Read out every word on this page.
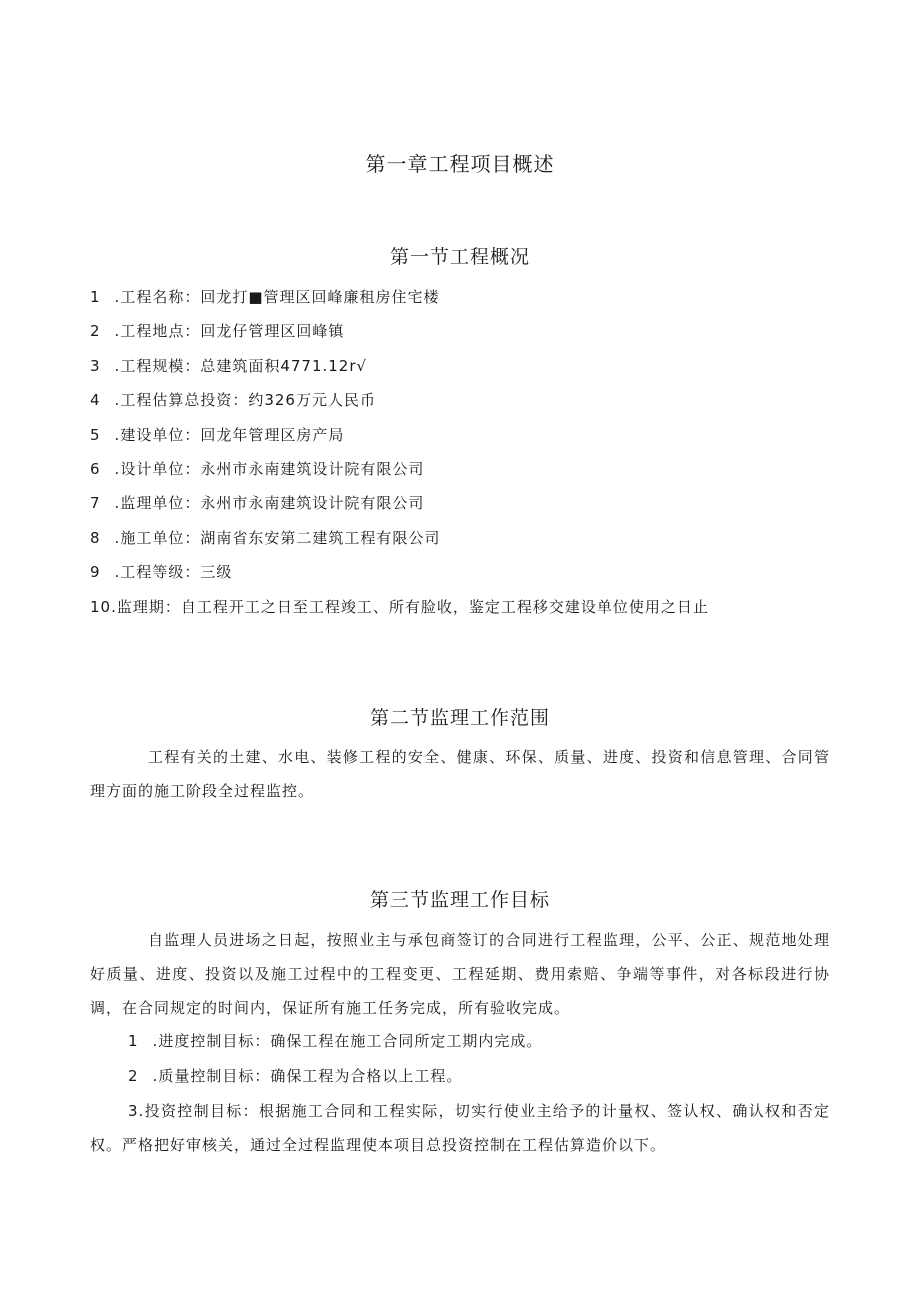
第一章工程项目概述
第一节工程概况
1 .工程名称：回龙打■管理区回峰廉租房住宅楼
2 .工程地点：回龙仔管理区回峰镇
3 .工程规模：总建筑面积4771.12r√
4 .工程估算总投资：约326万元人民币
5 .建设单位：回龙年管理区房产局
6 .设计单位：永州市永南建筑设计院有限公司
7 .监理单位：永州市永南建筑设计院有限公司
8 .施工单位：湖南省东安第二建筑工程有限公司
9 .工程等级：三级
10.监理期：自工程开工之日至工程竣工、所有脸收，鉴定工程移交建设单位使用之日止
第二节监理工作范围
工程有关的土建、水电、装修工程的安全、健康、环保、质量、进度、投资和信息管理、合同管理方面的施工阶段全过程监控。
第三节监理工作目标
自监理人员进场之日起，按照业主与承包商签订的合同进行工程监理，公平、公正、规范地处理好质量、进度、投资以及施工过程中的工程变更、工程延期、费用索赔、争端等事件，对各标段进行协调，在合同规定的时间内，保证所有施工任务完成，所有验收完成。
1 .进度控制目标：确保工程在施工合同所定工期内完成。
2 .质量控制目标：确保工程为合格以上工程。
3.投资控制目标：根据施工合同和工程实际，切实行使业主给予的计量权、签认权、确认权和否定权。严格把好审核关，通过全过程监理使本项目总投资控制在工程估算造价以下。
